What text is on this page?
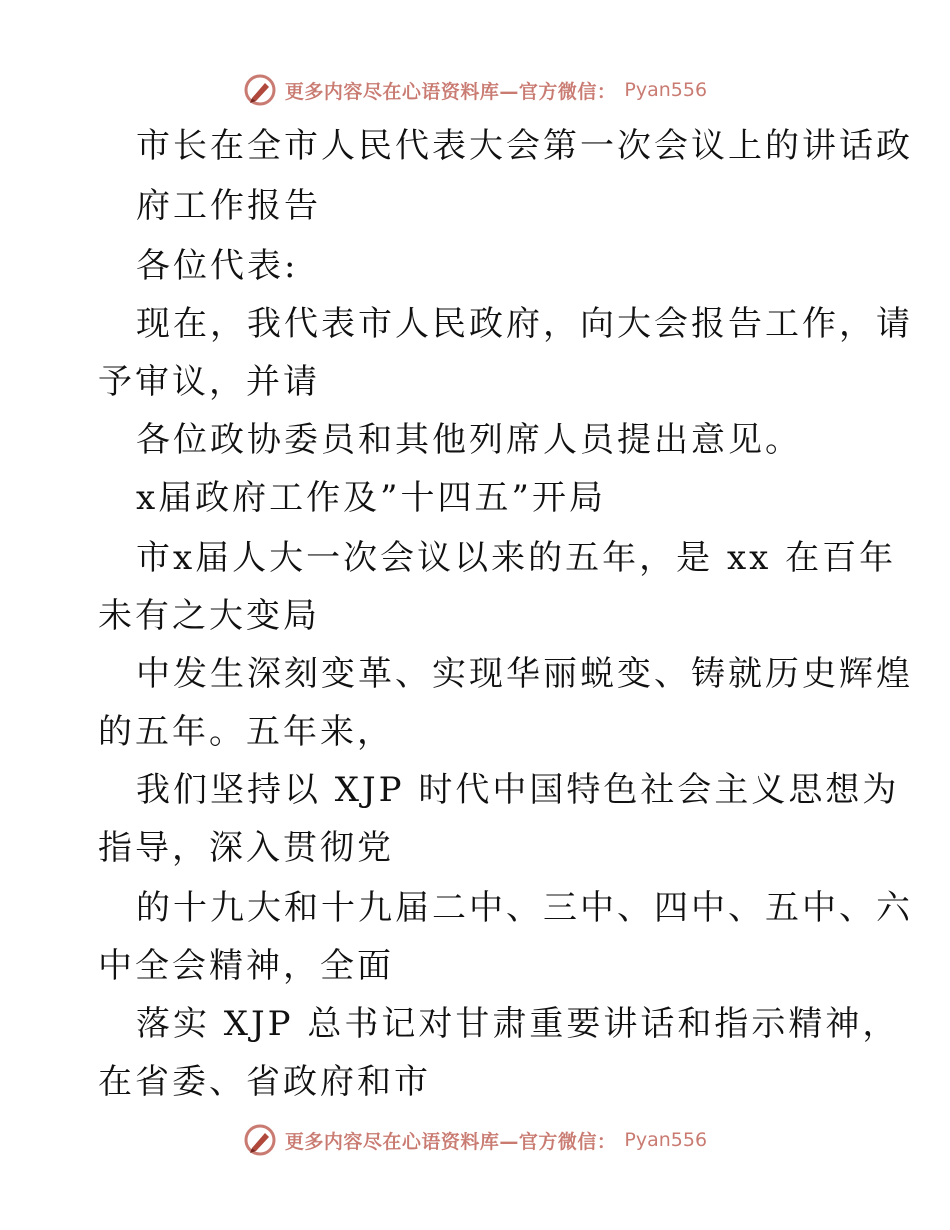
更多内容尽在心语资料库—官方微信： Pyan556
市长在全市人民代表大会第一次会议上的讲话政
府工作报告
各位代表:
现在，我代表市人民政府，向大会报告工作，请
予审议，并请
各位政协委员和其他列席人员提出意见。
x届政府工作及”十四五”开局
市x届人大一次会议以来的五年，是 xx 在百年
未有之大变局
中发生深刻变革、实现华丽蜕变、铸就历史辉煌
的五年。五年来，
我们坚持以 XJP 时代中国特色社会主义思想为
指导，深入贯彻党
的十九大和十九届二中、三中、四中、五中、六
中全会精神，全面
落实 XJP 总书记对甘肃重要讲话和指示精神，
在省委、省政府和市
更多内容尽在心语资料库—官方微信： Pyan556
